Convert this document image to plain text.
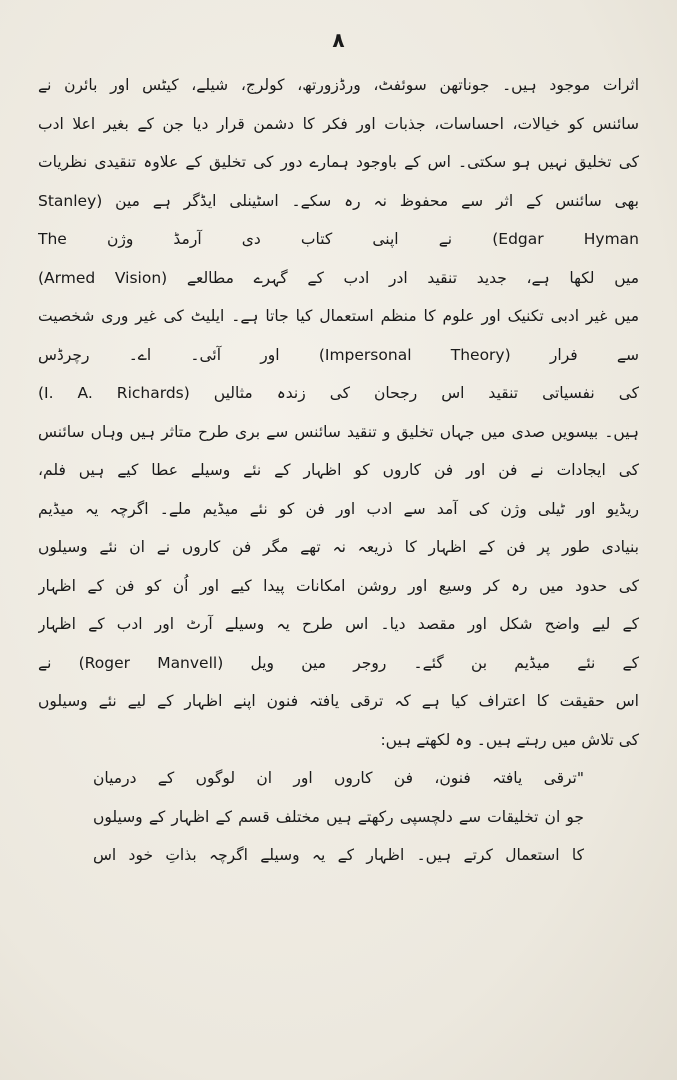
۸
اثرات موجود ہیں۔ جوناتھن سوئفٹ، ورڈزورتھ، کولرج، شیلے، کیٹس اور بائرن نے
سائنس کو خیالات، احساسات، جذبات اور فکر کا دشمن قرار دیا جن کے بغیر اعلا ادب
کی تخلیق نہیں ہو سکتی۔ اس کے باوجود ہمارے دور کی تخلیق کے علاوہ تنقیدی نظریات
بھی سائنس کے اثر سے محفوظ نہ رہ سکے۔ اسٹینلی ایڈگر ہے مین (Stanley
The نے اپنی کتاب دی آرمڈ وژن (Edgar Hyman
(Armed Vision) میں لکھا ہے، جدید تنقید ادر ادب کے گہرے مطالعے
میں غیر ادبی تکنیک اور علوم کا منظم استعمال کیا جاتا ہے۔ ایلیٹ کی غیر وری شخصیت
سے فرار (Impersonal Theory) اور آئی۔ اے۔ رچرڈس
(I. A. Richards) کی نفسیاتی تنقید اس رجحان کی زندہ مثالیں
ہیں۔ بیسویں صدی میں جہاں تخلیق و تنقید سائنس سے بری طرح متاثر ہیں وہاں سائنس
کی ایجادات نے فن اور فن کاروں کو اظہار کے نئے وسیلے عطا کیے ہیں فلم،
ریڈیو اور ٹیلی وژن کی آمد سے ادب اور فن کو نئے میڈیم ملے۔ اگرچہ یہ میڈیم
بنیادی طور پر فن کے اظہار کا ذریعہ نہ تھے مگر فن کاروں نے ان نئے وسیلوں
کی حدود میں رہ کر وسیع اور روشن امکانات پیدا کیے اور اُن کو فن کے اظہار
کے لیے واضح شکل اور مقصد دیا۔ اس طرح یہ وسیلے آرٹ اور ادب کے اظہار
کے نئے میڈیم بن گئے۔ روجر مین ویل (Roger Manvell) نے
اس حقیقت کا اعتراف کیا ہے کہ ترقی یافتہ فنون اپنے اظہار کے لیے نئے وسیلوں
کی تلاش میں رہتے ہیں۔ وہ لکھتے ہیں:
"ترقی یافتہ فنون، فن کاروں اور ان لوگوں کے درمیان
جو ان تخلیقات سے دلچسپی رکھتے ہیں مختلف قسم کے اظہار کے وسیلوں
کا استعمال کرتے ہیں۔ اظہار کے یہ وسیلے اگرچہ بذاتِ خود اس
